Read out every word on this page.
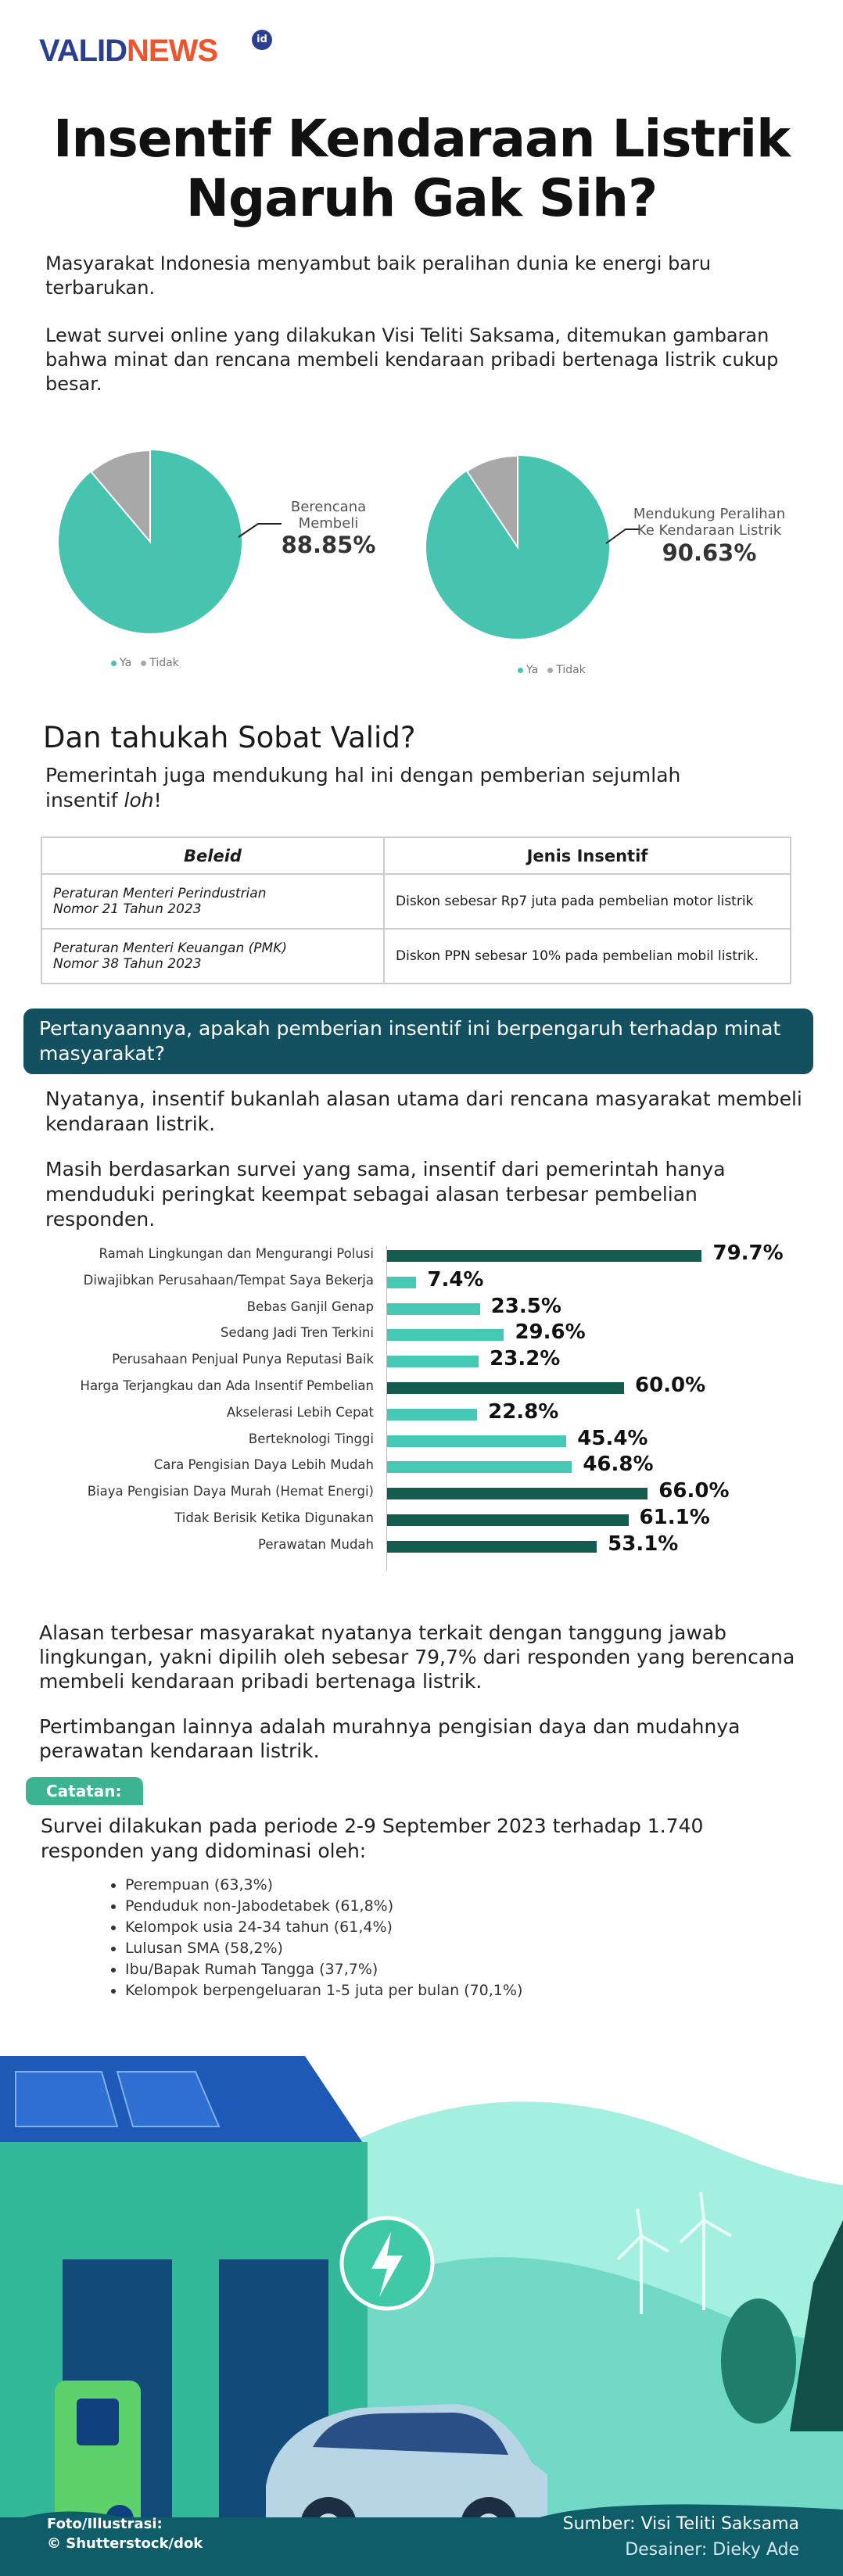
VALIDNEWS	id
Insentif Kendaraan Listrik
Ngaruh Gak Sih?

Masyarakat Indonesia menyambut baik peralihan dunia ke energi baru terbarukan.

Lewat survei online yang dilakukan Visi Teliti Saksama, ditemukan gambaran bahwa minat dan rencana membeli kendaraan pribadi bertenaga listrik cukup besar.

Berencana
Membeli
88.85%
Ya	Tidak
Mendukung Peralihan
Ke Kendaraan Listrik
90.63%
Ya	Tidak
Dan tahukah Sobat Valid?

Pemerintah juga mendukung hal ini dengan pemberian sejumlah insentif loh!

Beleid	Jenis Insentif

Peraturan Menteri Perindustrian
Nomor 21 Tahun 2023	Diskon sebesar Rp7 juta pada pembelian motor listrik

Peraturan Menteri Keuangan (PMK)
Nomor 38 Tahun 2023	Diskon PPN sebesar 10% pada pembelian mobil listrik.
Pertanyaannya, apakah pemberian insentif ini berpengaruh terhadap minat masyarakat?

Nyatanya, insentif bukanlah alasan utama dari rencana masyarakat membeli kendaraan listrik.

Masih berdasarkan survei yang sama, insentif dari pemerintah hanya menduduki peringkat keempat sebagai alasan terbesar pembelian responden.

Ramah Lingkungan dan Mengurangi Polusi	79.7%
Diwajibkan Perusahaan/Tempat Saya Bekerja	7.4%
Bebas Ganjil Genap	23.5%
Sedang Jadi Tren Terkini	29.6%
Perusahaan Penjual Punya Reputasi Baik	23.2%
Harga Terjangkau dan Ada Insentif Pembelian	60.0%
Akselerasi Lebih Cepat	22.8%
Berteknologi Tinggi	45.4%
Cara Pengisian Daya Lebih Mudah	46.8%
Biaya Pengisian Daya Murah (Hemat Energi)	66.0%
Tidak Berisik Ketika Digunakan	61.1%
Perawatan Mudah	53.1%

Alasan terbesar masyarakat nyatanya terkait dengan tanggung jawab lingkungan, yakni dipilih oleh sebesar 79,7% dari responden yang berencana membeli kendaraan pribadi bertenaga listrik.

Pertimbangan lainnya adalah murahnya pengisian daya dan mudahnya perawatan kendaraan listrik.

Catatan:

Survei dilakukan pada periode 2-9 September 2023 terhadap 1.740 responden yang didominasi oleh:

• Perempuan (63,3%)
• Penduduk non-Jabodetabek (61,8%)
• Kelompok usia 24-34 tahun (61,4%)
• Lulusan SMA (58,2%)
• Ibu/Bapak Rumah Tangga (37,7%)
• Kelompok berpengeluaran 1-5 juta per bulan (70,1%)
Foto/Illustrasi:
© Shutterstock/dok
Sumber: Visi Teliti Saksama
Desainer: Dieky Ade
